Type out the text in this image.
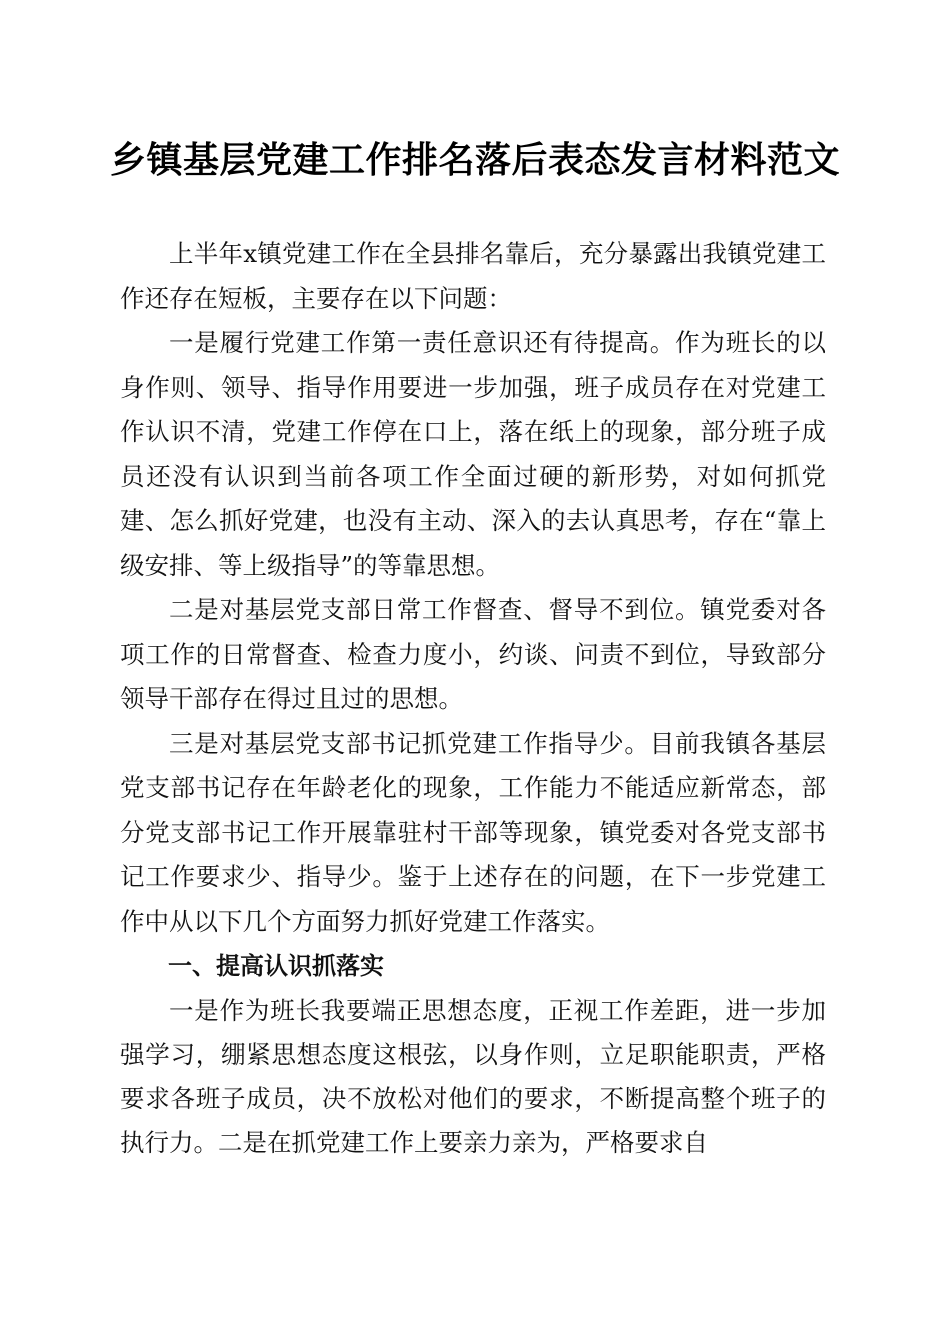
乡镇基层党建工作排名落后表态发言材料范文

上半年x镇党建工作在全县排名靠后，充分暴露出我镇党建工作还存在短板，主要存在以下问题：

一是履行党建工作第一责任意识还有待提高。作为班长的以身作则、领导、指导作用要进一步加强，班子成员存在对党建工作认识不清，党建工作停在口上，落在纸上的现象，部分班子成员还没有认识到当前各项工作全面过硬的新形势，对如何抓党建、怎么抓好党建，也没有主动、深入的去认真思考，存在“靠上级安排、等上级指导”的等靠思想。

二是对基层党支部日常工作督查、督导不到位。镇党委对各项工作的日常督查、检查力度小，约谈、问责不到位，导致部分领导干部存在得过且过的思想。

三是对基层党支部书记抓党建工作指导少。目前我镇各基层党支部书记存在年龄老化的现象，工作能力不能适应新常态，部分党支部书记工作开展靠驻村干部等现象，镇党委对各党支部书记工作要求少、指导少。鉴于上述存在的问题，在下一步党建工作中从以下几个方面努力抓好党建工作落实。

一、提高认识抓落实

一是作为班长我要端正思想态度，正视工作差距，进一步加强学习，绷紧思想态度这根弦，以身作则，立足职能职责，严格要求各班子成员，决不放松对他们的要求，不断提高整个班子的执行力。二是在抓党建工作上要亲力亲为，严格要求自
